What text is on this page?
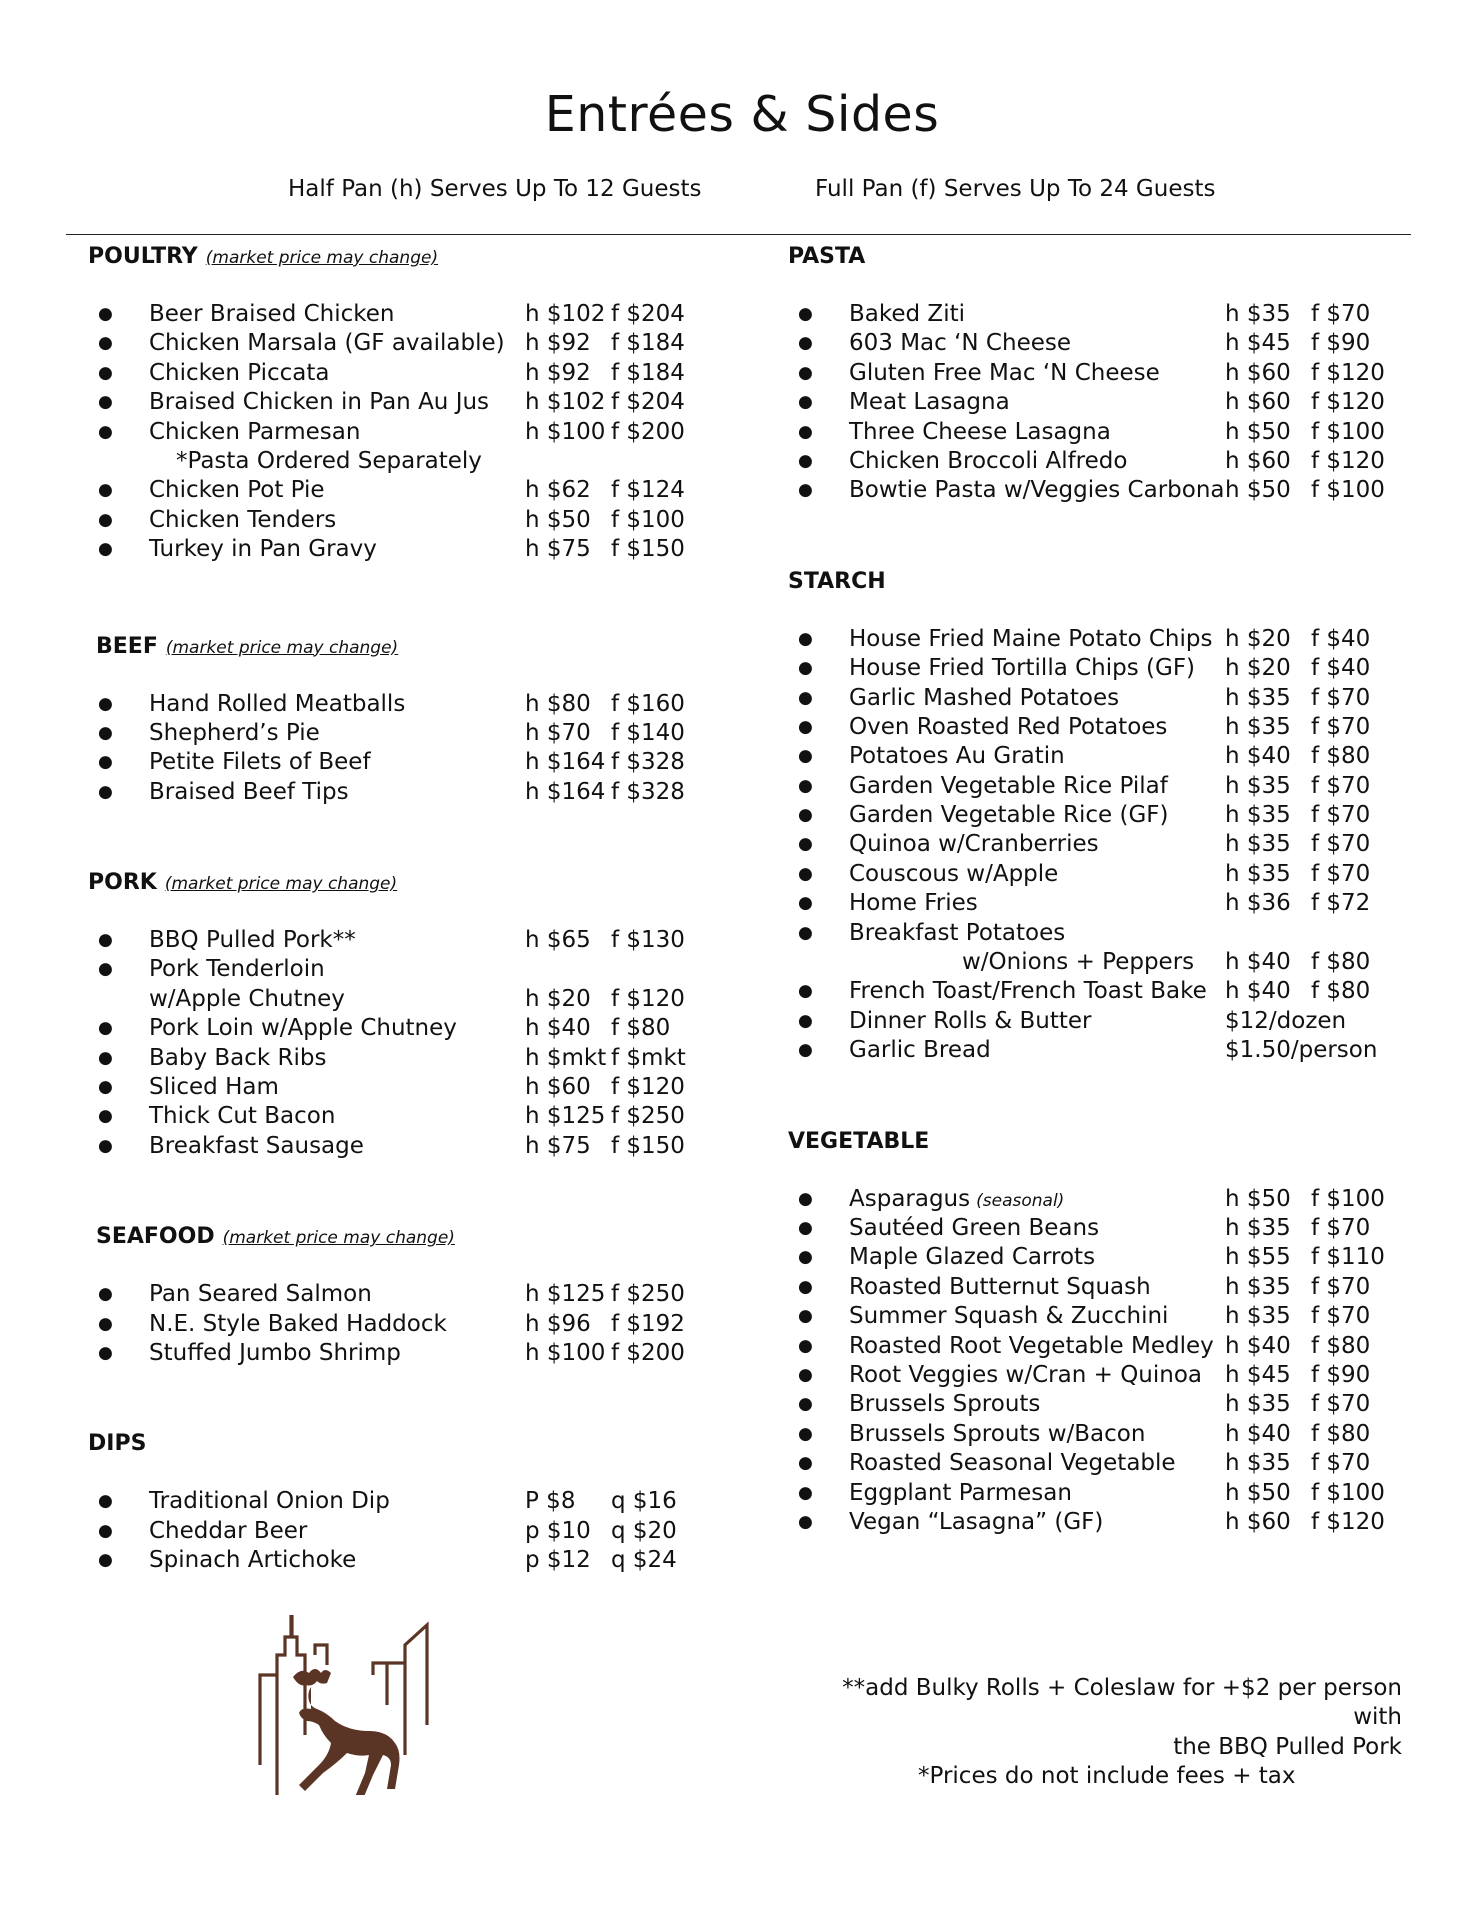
Entrées & Sides
Half Pan (h) Serves Up To 12 Guests	Full Pan (f) Serves Up To 24 Guests
POULTRY (market price may change)
● Beer Braised Chicken	h $102 f $204
● Chicken Marsala (GF available) h $92 f $184
● Chicken Piccata	h $92 f $184
● Braised Chicken in Pan Au Jus h $102 f $204
● Chicken Parmesan	h $100 f $200
*Pasta Ordered Separately
● Chicken Pot Pie	h $62 f $124
● Chicken Tenders	h $50 f $100
● Turkey in Pan Gravy	h $75 f $150
BEEF (market price may change)
● Hand Rolled Meatballs	h $80 f $160
● Shepherd’s Pie	h $70 f $140
● Petite Filets of Beef	h $164 f $328
● Braised Beef Tips	h $164 f $328
PORK (market price may change)
● BBQ Pulled Pork**	h $65 f $130
● Pork Tenderloin
w/Apple Chutney	h $20 f $120
● Pork Loin w/Apple Chutney	h $40 f $80
● Baby Back Ribs	h $mkt f $mkt
● Sliced Ham	h $60 f $120
● Thick Cut Bacon	h $125 f $250
● Breakfast Sausage	h $75 f $150
SEAFOOD (market price may change)
● Pan Seared Salmon	h $125 f $250
● N.E. Style Baked Haddock	h $96 f $192
● Stuffed Jumbo Shrimp	h $100 f $200
DIPS
● Traditional Onion Dip	P $8 q $16
● Cheddar Beer	p $10 q $20
● Spinach Artichoke	p $12 q $24
PASTA
● Baked Ziti	h $35 f $70
● 603 Mac ‘N Cheese	h $45 f $90
● Gluten Free Mac ‘N Cheese	h $60 f $120
● Meat Lasagna	h $60 f $120
● Three Cheese Lasagna	h $50 f $100
● Chicken Broccoli Alfredo	h $60 f $120
● Bowtie Pasta w/Veggies Carbona h $50 f $100
STARCH
● House Fried Maine Potato Chips h $20 f $40
● House Fried Tortilla Chips (GF) h $20 f $40
● Garlic Mashed Potatoes	h $35 f $70
● Oven Roasted Red Potatoes	h $35 f $70
● Potatoes Au Gratin	h $40 f $80
● Garden Vegetable Rice Pilaf h $35 f $70
● Garden Vegetable Rice (GF) h $35 f $70
● Quinoa w/Cranberries	h $35 f $70
● Couscous w/Apple	h $35 f $70
● Home Fries	h $36 f $72
● Breakfast Potatoes
w/Onions + Peppers h $40 f $80
● French Toast/French Toast Bake h $40 f $80
● Dinner Rolls & Butter	$12/dozen
● Garlic Bread	$1.50/person
VEGETABLE
● Asparagus (seasonal)	h $50 f $100
● Sautéed Green Beans	h $35 f $70
● Maple Glazed Carrots	h $55 f $110
● Roasted Butternut Squash	h $35 f $70
● Summer Squash & Zucchini h $35 f $70
● Roasted Root Vegetable Medley h $40 f $80
● Root Veggies w/Cran + Quinoa h $45 f $90
● Brussels Sprouts	h $35 f $70
● Brussels Sprouts w/Bacon	h $40 f $80
● Roasted Seasonal Vegetable h $35 f $70
● Eggplant Parmesan	h $50 f $100
● Vegan “Lasagna” (GF)	h $60 f $120
**add Bulky Rolls + Coleslaw for +$2 per person with
the BBQ Pulled Pork
*Prices do not include fees + tax
